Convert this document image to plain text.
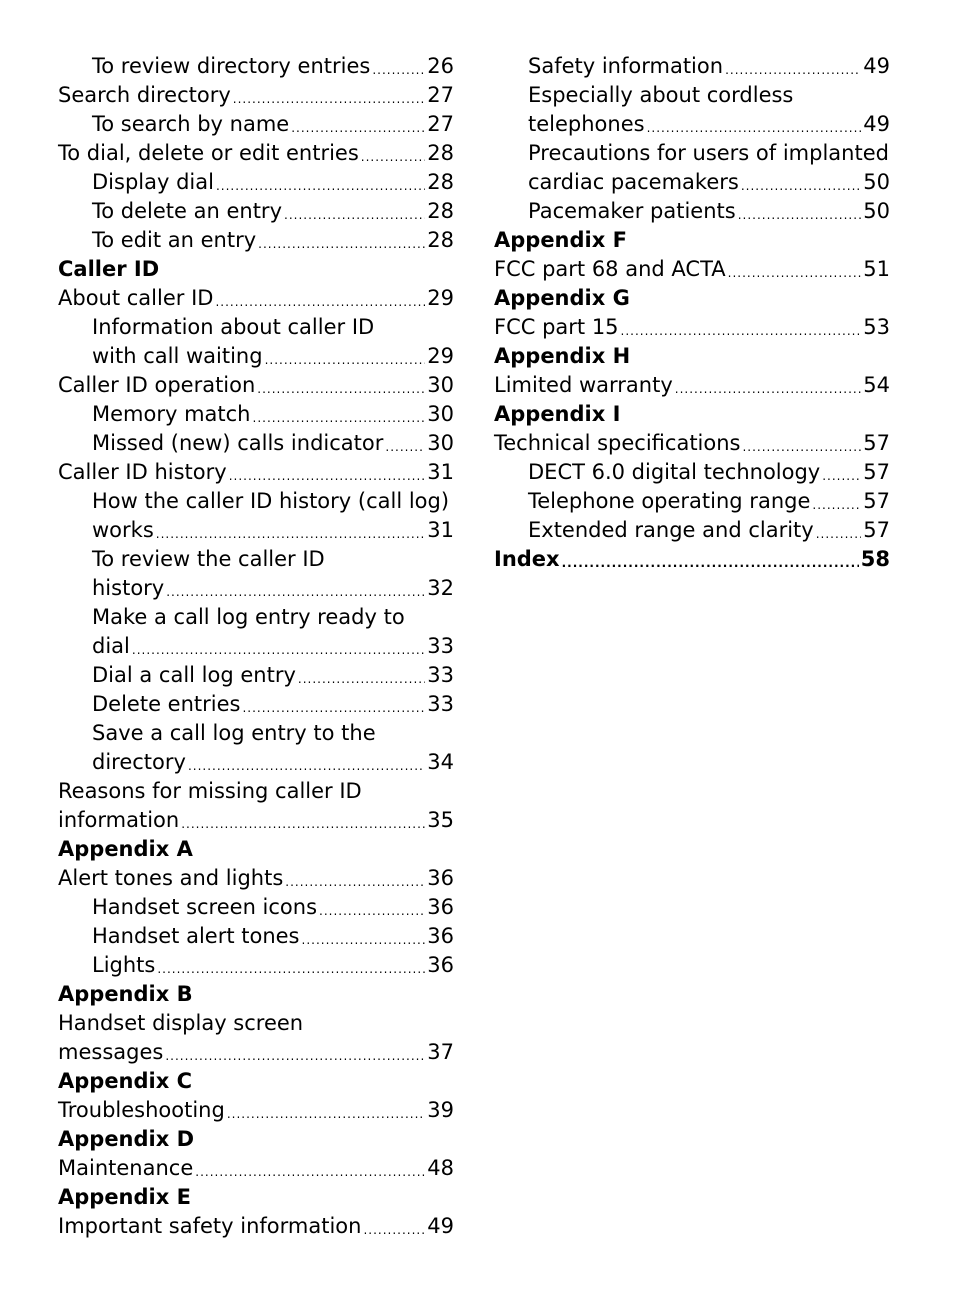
To review directory entries .....	26
Search directory .....	27
To search by name .....	27
To dial, delete or edit entries .....	28
Display dial .....	28
To delete an entry .....	28
To edit an entry .....	28
Caller ID
About caller ID .....	29
Information about caller ID
with call waiting .....	29
Caller ID operation .....	30
Memory match .....	30
Missed (new) calls indicator ..... 30
Caller ID history .....	31
How the caller ID history (call log)
works .....	31
To review the caller ID
history .....	32
Make a call log entry ready to
dial .....	33
Dial a call log entry .....	33
Delete entries .....	33
Save a call log entry to the
directory .....	34
Reasons for missing caller ID
information .....	35
Appendix A
Alert tones and lights .....	36
Handset screen icons .....	36
Handset alert tones .....	36
Lights .....	36
Appendix B
Handset display screen
messages .....	37
Appendix C
Troubleshooting .....	39
Appendix D
Maintenance .....	48
Appendix E
Important safety information .....	49
Safety information .....	49
Especially about cordless
telephones .....	49
Precautions for users of implanted
cardiac pacemakers .....	50
Pacemaker patients .....	50
Appendix F
FCC part 68 and ACTA .....	51
Appendix G
FCC part 15 .....	53
Appendix H
Limited warranty .....	54
Appendix I
Technical specifications .....	57
DECT 6.0 digital technology ..... 57
Telephone operating range .....	57
Extended range and clarity ..... 57
Index .....	58
